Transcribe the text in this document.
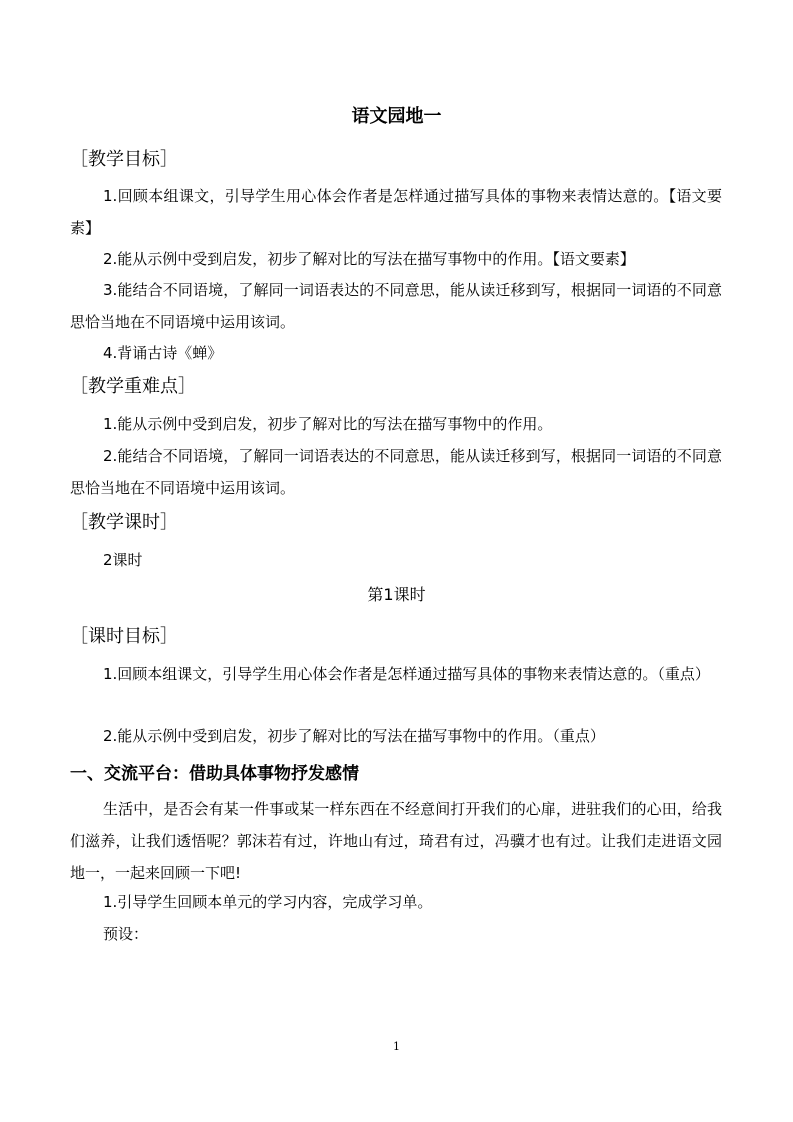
语文园地一
［教学目标］
1.回顾本组课文，引导学生用心体会作者是怎样通过描写具体的事物来表情达意的。【语文要素】
2.能从示例中受到启发，初步了解对比的写法在描写事物中的作用。【语文要素】
3.能结合不同语境，了解同一词语表达的不同意思，能从读迁移到写，根据同一词语的不同意思恰当地在不同语境中运用该词。
4.背诵古诗《蝉》
［教学重难点］
1.能从示例中受到启发，初步了解对比的写法在描写事物中的作用。
2.能结合不同语境，了解同一词语表达的不同意思，能从读迁移到写，根据同一词语的不同意思恰当地在不同语境中运用该词。
［教学课时］
2课时
第1课时
［课时目标］
1.回顾本组课文，引导学生用心体会作者是怎样通过描写具体的事物来表情达意的。（重点）
2.能从示例中受到启发，初步了解对比的写法在描写事物中的作用。（重点）
一、交流平台：借助具体事物抒发感情
生活中，是否会有某一件事或某一样东西在不经意间打开我们的心扉，进驻我们的心田，给我们滋养，让我们透悟呢？郭沫若有过，许地山有过，琦君有过，冯骥才也有过。让我们走进语文园地一，一起来回顾一下吧!
1.引导学生回顾本单元的学习内容，完成学习单。
预设：
1
